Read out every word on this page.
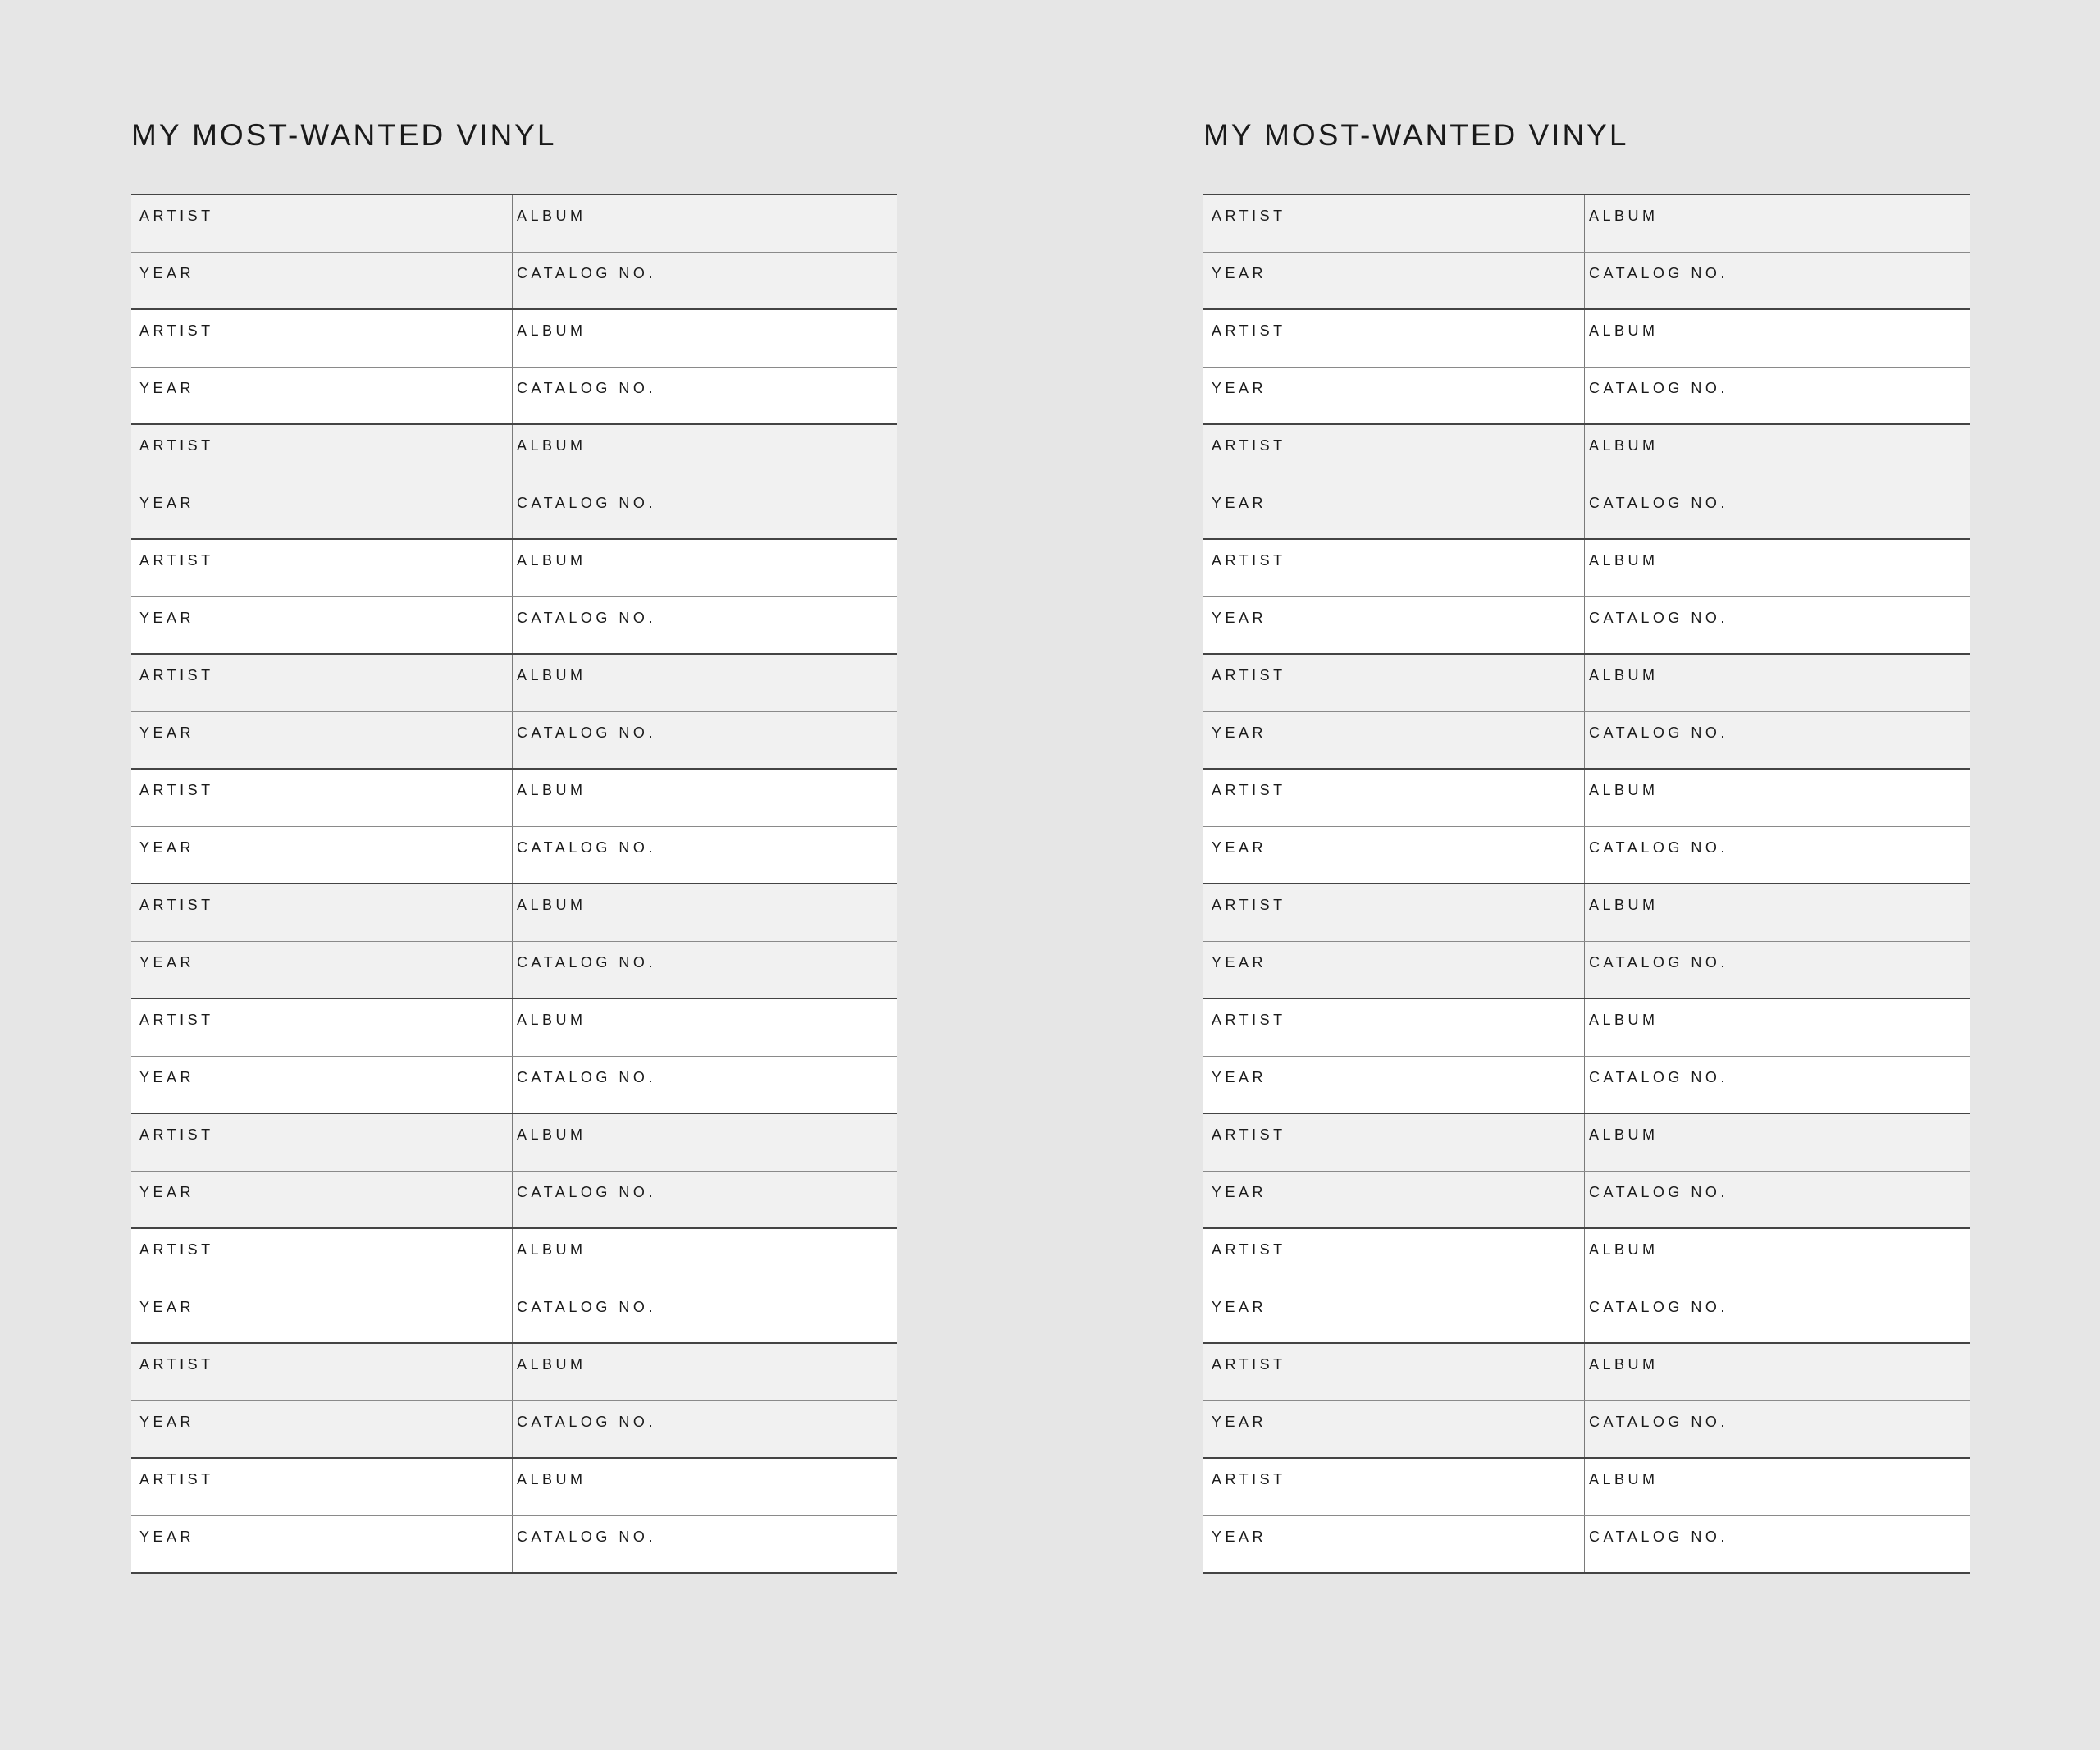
MY MOST-WANTED VINYL
ARTIST	ALBUM
YEAR	CATALOG NO.
ARTIST	ALBUM
YEAR	CATALOG NO.
ARTIST	ALBUM
YEAR	CATALOG NO.
ARTIST	ALBUM
YEAR	CATALOG NO.
ARTIST	ALBUM
YEAR	CATALOG NO.
ARTIST	ALBUM
YEAR	CATALOG NO.
ARTIST	ALBUM
YEAR	CATALOG NO.
ARTIST	ALBUM
YEAR	CATALOG NO.
ARTIST	ALBUM
YEAR	CATALOG NO.
ARTIST	ALBUM
YEAR	CATALOG NO.
ARTIST	ALBUM
YEAR	CATALOG NO.
ARTIST	ALBUM
YEAR	CATALOG NO.
MY MOST-WANTED VINYL
ARTIST	ALBUM
YEAR	CATALOG NO.
ARTIST	ALBUM
YEAR	CATALOG NO.
ARTIST	ALBUM
YEAR	CATALOG NO.
ARTIST	ALBUM
YEAR	CATALOG NO.
ARTIST	ALBUM
YEAR	CATALOG NO.
ARTIST	ALBUM
YEAR	CATALOG NO.
ARTIST	ALBUM
YEAR	CATALOG NO.
ARTIST	ALBUM
YEAR	CATALOG NO.
ARTIST	ALBUM
YEAR	CATALOG NO.
ARTIST	ALBUM
YEAR	CATALOG NO.
ARTIST	ALBUM
YEAR	CATALOG NO.
ARTIST	ALBUM
YEAR	CATALOG NO.
